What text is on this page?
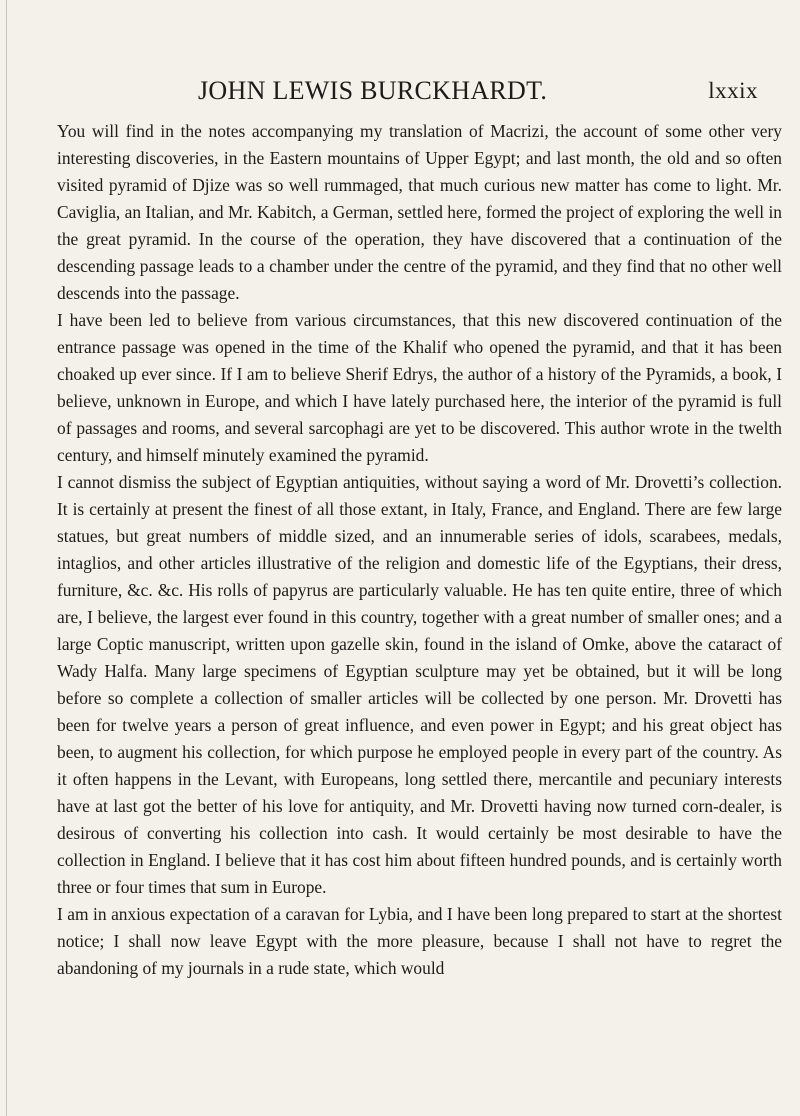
JOHN LEWIS BURCKHARDT.	lxxix

You will find in the notes accompanying my translation of Macrizi, the account of some other very interesting discoveries, in the Eastern mountains of Upper Egypt; and last month, the old and so often visited pyramid of Djize was so well rummaged, that much curious new matter has come to light. Mr. Caviglia, an Italian, and Mr. Kabitch, a German, settled here, formed the project of exploring the well in the great pyramid. In the course of the operation, they have discovered that a continuation of the descending passage leads to a chamber under the centre of the pyramid, and they find that no other well descends into the passage.

I have been led to believe from various circumstances, that this new discovered continuation of the entrance passage was opened in the time of the Khalif who opened the pyramid, and that it has been choaked up ever since. If I am to believe Sherif Edrys, the author of a history of the Pyramids, a book, I believe, unknown in Europe, and which I have lately purchased here, the interior of the pyramid is full of passages and rooms, and several sarcophagi are yet to be discovered. This author wrote in the twelth century, and himself minutely examined the pyramid.

I cannot dismiss the subject of Egyptian antiquities, without saying a word of Mr. Drovetti’s collection. It is certainly at present the finest of all those extant, in Italy, France, and England. There are few large statues, but great numbers of middle sized, and an innumerable series of idols, scarabees, medals, intaglios, and other articles illustrative of the religion and domestic life of the Egyptians, their dress, furniture, &c. &c. His rolls of papyrus are particularly valuable. He has ten quite entire, three of which are, I believe, the largest ever found in this country, together with a great number of smaller ones; and a large Coptic manuscript, written upon gazelle skin, found in the island of Omke, above the cataract of Wady Halfa. Many large specimens of Egyptian sculpture may yet be obtained, but it will be long before so complete a collection of smaller articles will be collected by one person. Mr. Drovetti has been for twelve years a person of great influence, and even power in Egypt; and his great object has been, to augment his collection, for which purpose he employed people in every part of the country. As it often happens in the Levant, with Europeans, long settled there, mercantile and pecuniary interests have at last got the better of his love for antiquity, and Mr. Drovetti having now turned corn-dealer, is desirous of converting his collection into cash. It would certainly be most desirable to have the collection in England. I believe that it has cost him about fifteen hundred pounds, and is certainly worth three or four times that sum in Europe.

I am in anxious expectation of a caravan for Lybia, and I have been long prepared to start at the shortest notice; I shall now leave Egypt with the more pleasure, because I shall not have to regret the abandoning of my journals in a rude state, which would
